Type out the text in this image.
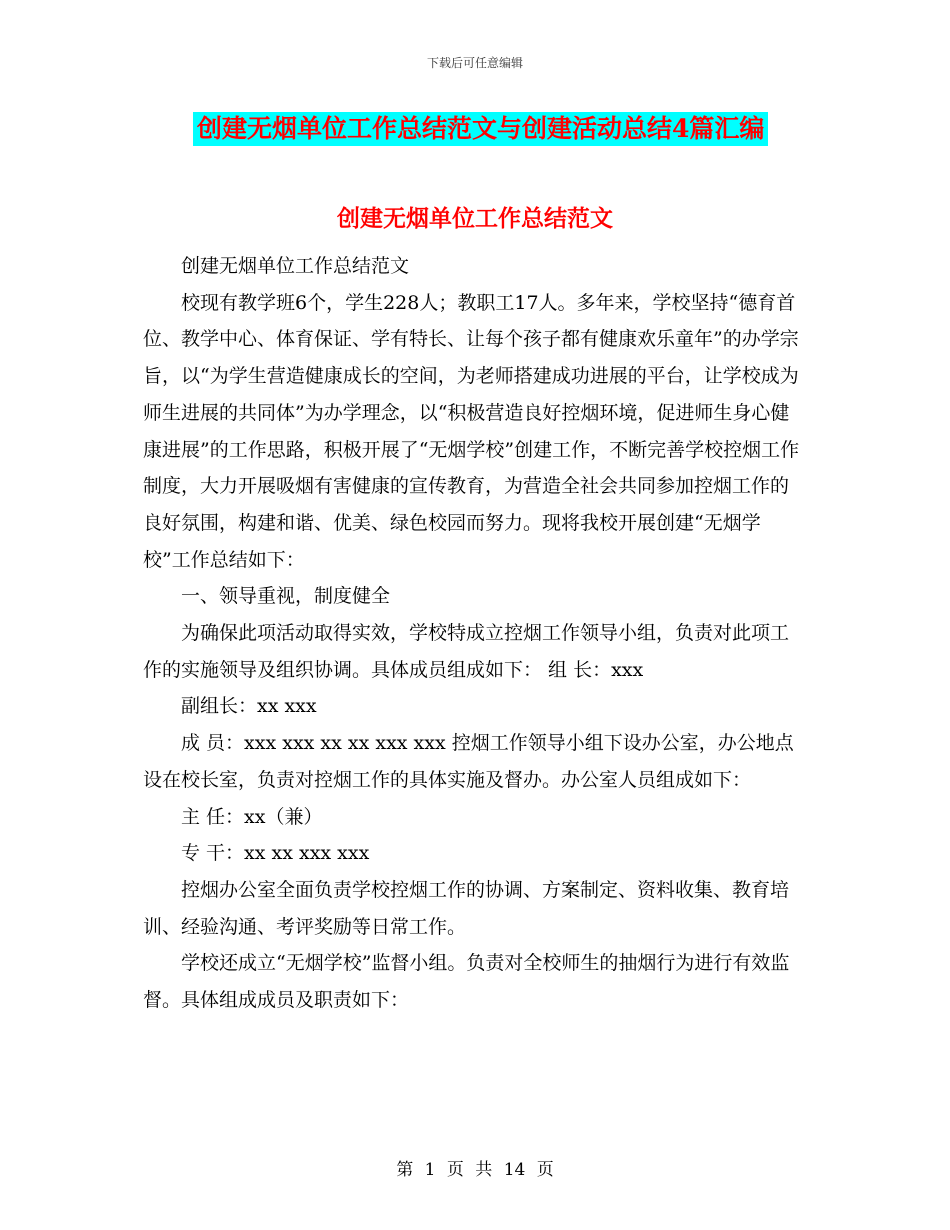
下载后可任意编辑
创建无烟单位工作总结范文与创建活动总结4篇汇编
创建无烟单位工作总结范文

创建无烟单位工作总结范文

校现有教学班6个，学生228人；教职工17人。多年来，学校坚持“德育首位、教学中心、体育保证、学有特长、让每个孩子都有健康欢乐童年”的办学宗旨，以“为学生营造健康成长的空间，为老师搭建成功进展的平台，让学校成为师生进展的共同体”为办学理念，以“积极营造良好控烟环境，促进师生身心健康进展”的工作思路，积极开展了“无烟学校”创建工作，不断完善学校控烟工作制度，大力开展吸烟有害健康的宣传教育，为营造全社会共同参加控烟工作的良好氛围，构建和谐、优美、绿色校园而努力。现将我校开展创建“无烟学校”工作总结如下：

一、领导重视，制度健全

为确保此项活动取得实效，学校特成立控烟工作领导小组，负责对此项工作的实施领导及组织协调。具体成员组成如下： 组 长：xxx

副组长：xx xxx

成 员：xxx xxx xx xx xxx xxx 控烟工作领导小组下设办公室，办公地点设在校长室，负责对控烟工作的具体实施及督办。办公室人员组成如下：

主 任：xx（兼）

专 干：xx xx xxx xxx

控烟办公室全面负责学校控烟工作的协调、方案制定、资料收集、教育培训、经验沟通、考评奖励等日常工作。

学校还成立“无烟学校”监督小组。负责对全校师生的抽烟行为进行有效监督。具体组成成员及职责如下：

第 1 页 共 14 页
